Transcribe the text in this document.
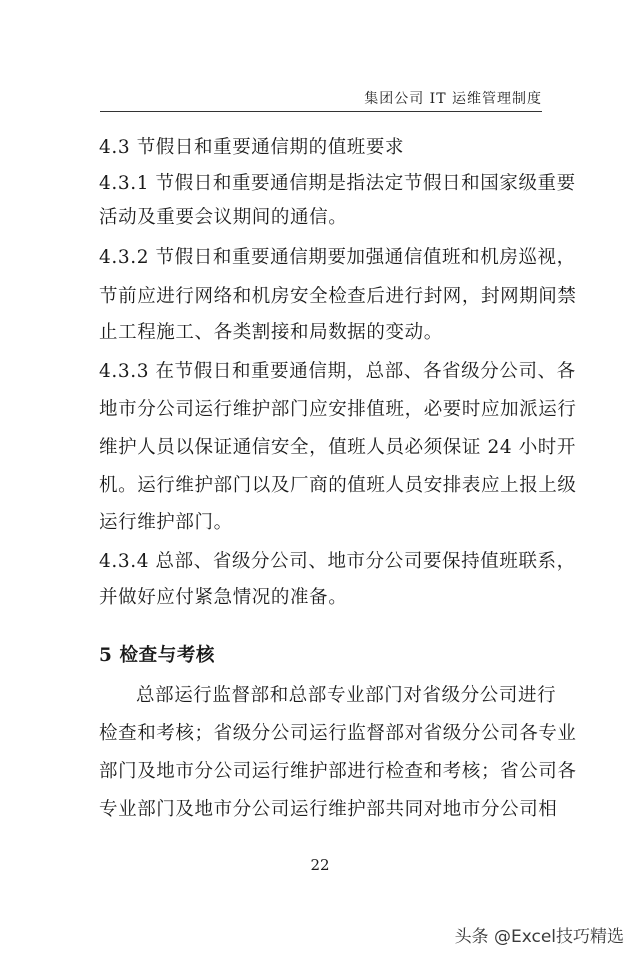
集团公司 IT 运维管理制度
4.3 节假日和重要通信期的值班要求
4.3.1 节假日和重要通信期是指法定节假日和国家级重要
活动及重要会议期间的通信。
4.3.2 节假日和重要通信期要加强通信值班和机房巡视，
节前应进行网络和机房安全检查后进行封网，封网期间禁
止工程施工、各类割接和局数据的变动。
4.3.3 在节假日和重要通信期，总部、各省级分公司、各
地市分公司运行维护部门应安排值班，必要时应加派运行
维护人员以保证通信安全，值班人员必须保证 24 小时开
机。运行维护部门以及厂商的值班人员安排表应上报上级
运行维护部门。
4.3.4 总部、省级分公司、地市分公司要保持值班联系，
并做好应付紧急情况的准备。
5 检查与考核
总部运行监督部和总部专业部门对省级分公司进行
检查和考核；省级分公司运行监督部对省级分公司各专业
部门及地市分公司运行维护部进行检查和考核；省公司各
专业部门及地市分公司运行维护部共同对地市分公司相
22
头条 @Excel技巧精选
